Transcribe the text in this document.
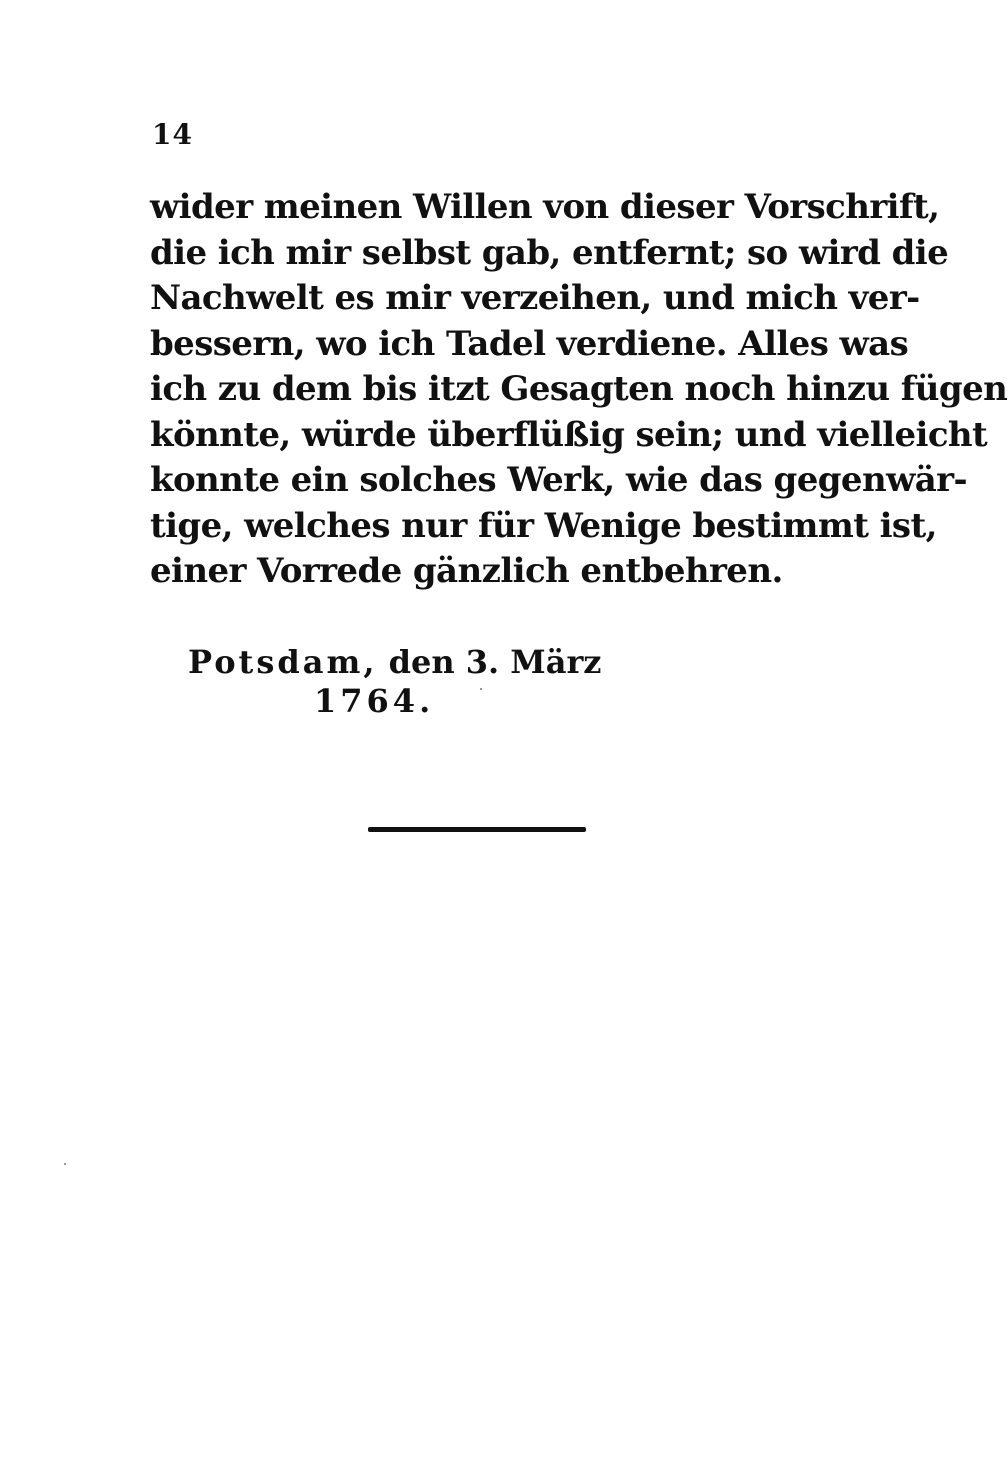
14
wider meinen Willen von dieser Vorschrift,
die ich mir selbst gab, entfernt; so wird die
Nachwelt es mir verzeihen, und mich ver-
bessern, wo ich Tadel verdiene. Alles was
ich zu dem bis itzt Gesagten noch hinzu fügen
könnte, würde überflüßig sein; und vielleicht
konnte ein solches Werk, wie das gegenwär-
tige, welches nur für Wenige bestimmt ist,
einer Vorrede gänzlich entbehren.
Potsdam, den 3. März
1764.
